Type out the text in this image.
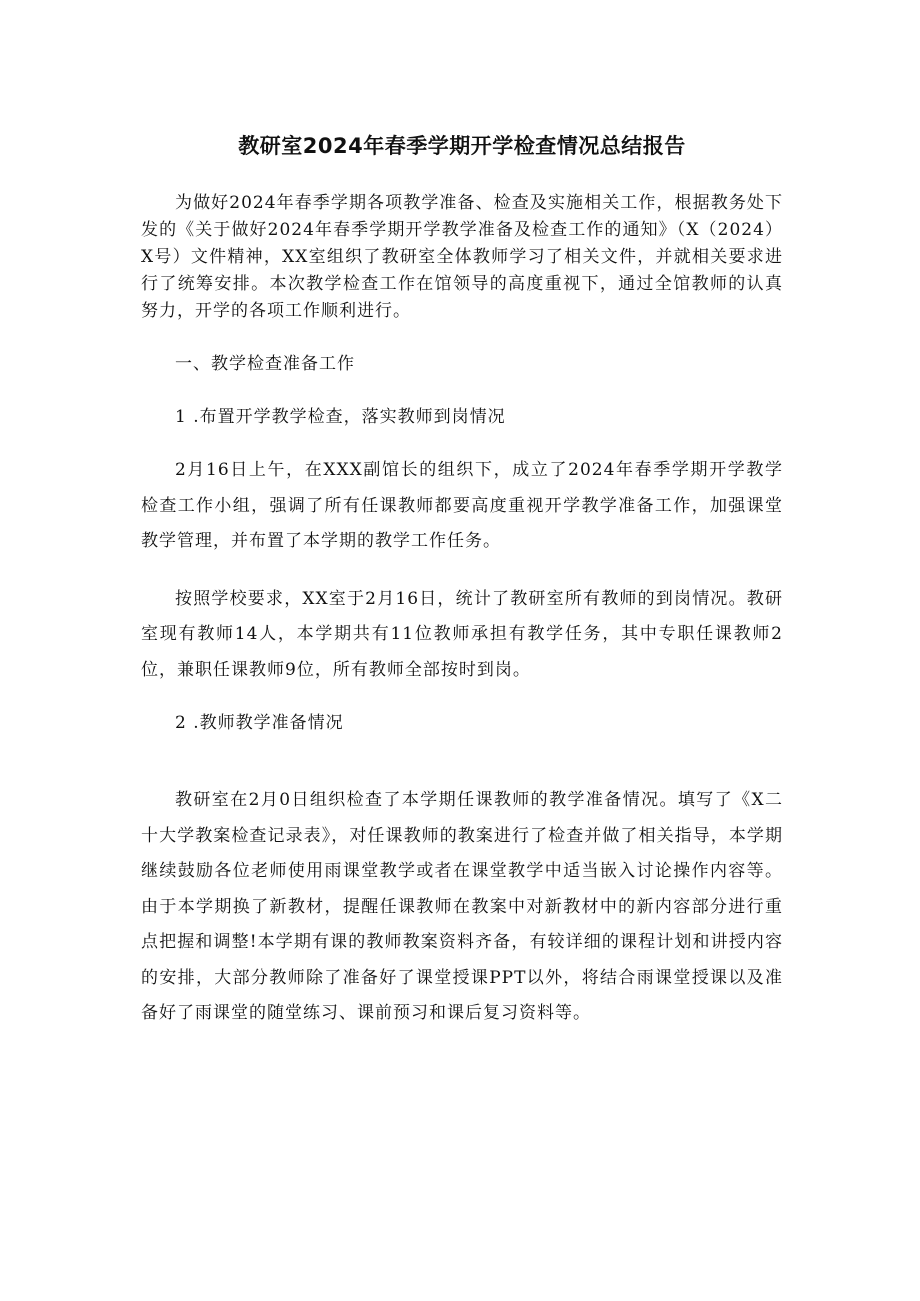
教研室2024年春季学期开学检查情况总结报告

为做好2024年春季学期各项教学准备、检查及实施相关工作，根据教务处下发的《关于做好2024年春季学期开学教学准备及检查工作的通知》（X（2024）X号）文件精神，XX室组织了教研室全体教师学习了相关文件，并就相关要求进行了统筹安排。本次教学检查工作在馆领导的高度重视下，通过全馆教师的认真努力，开学的各项工作顺利进行。

一、教学检查准备工作

1 .布置开学教学检查，落实教师到岗情况

2月16日上午，在XXX副馆长的组织下，成立了2024年春季学期开学教学检查工作小组，强调了所有任课教师都要高度重视开学教学准备工作，加强课堂教学管理，并布置了本学期的教学工作任务。

按照学校要求，XX室于2月16日，统计了教研室所有教师的到岗情况。教研室现有教师14人，本学期共有11位教师承担有教学任务，其中专职任课教师2位，兼职任课教师9位，所有教师全部按时到岗。

2 .教师教学准备情况

教研室在2月0日组织检查了本学期任课教师的教学准备情况。填写了《X二十大学教案检查记录表》，对任课教师的教案进行了检查并做了相关指导，本学期继续鼓励各位老师使用雨课堂教学或者在课堂教学中适当嵌入讨论操作内容等。由于本学期换了新教材，提醒任课教师在教案中对新教材中的新内容部分进行重点把握和调整!本学期有课的教师教案资料齐备，有较详细的课程计划和讲授内容的安排，大部分教师除了准备好了课堂授课PPT以外，将结合雨课堂授课以及准备好了雨课堂的随堂练习、课前预习和课后复习资料等。
